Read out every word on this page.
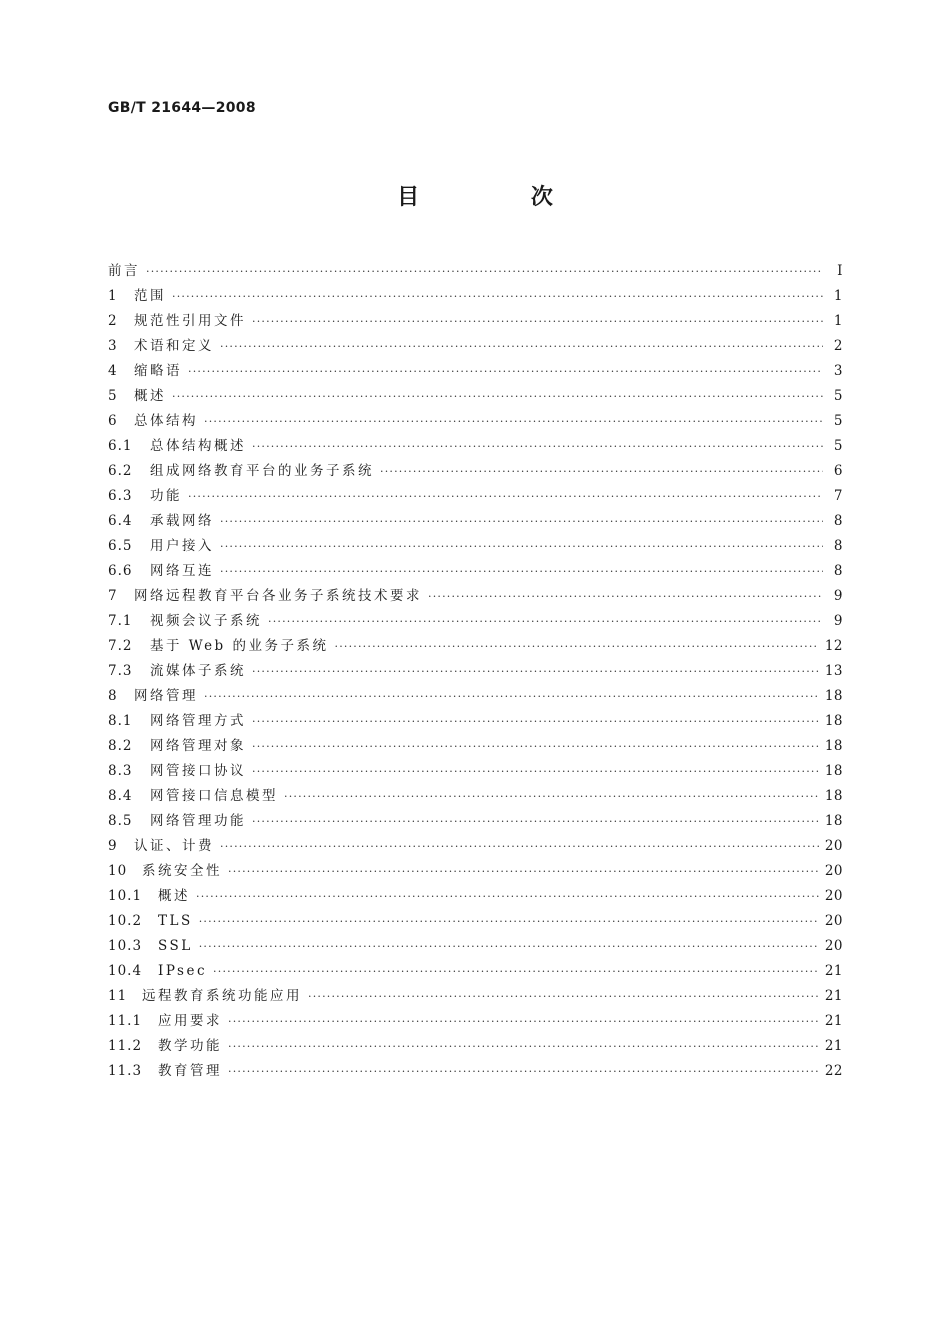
GB/T 21644—2008
目 次
前言 ·····	Ⅰ
1	范围 ·····	1
2	规范性引用文件 ·····	1
3	术语和定义 ·····	2
4	缩略语 ·····	3
5	概述 ·····	5
6	总体结构 ·····	5
6.1	总体结构概述 ·····	5
6.2	组成网络教育平台的业务子系统 ·····	6
6.3	功能 ·····	7
6.4	承载网络 ·····	8
6.5	用户接入 ·····	8
6.6	网络互连 ·····	8
7	网络远程教育平台各业务子系统技术要求 ·····	9
7.1	视频会议子系统 ·····	9
7.2	基于 Web 的业务子系统 ·····	12
7.3	流媒体子系统 ·····	13
8	网络管理 ·····	18
8.1	网络管理方式 ·····	18
8.2	网络管理对象 ·····	18
8.3	网管接口协议 ·····	18
8.4	网管接口信息模型 ·····	18
8.5	网络管理功能 ·····	18
9	认证、计费 ·····	20
10	系统安全性 ·····	20
10.1	概述 ·····	20
10.2	TLS ·····	20
10.3	SSL ·····	20
10.4	IPsec ·····	21
11	远程教育系统功能应用 ·····	21
11.1	应用要求 ·····	21
11.2	教学功能 ·····	21
11.3	教育管理 ·····	22
